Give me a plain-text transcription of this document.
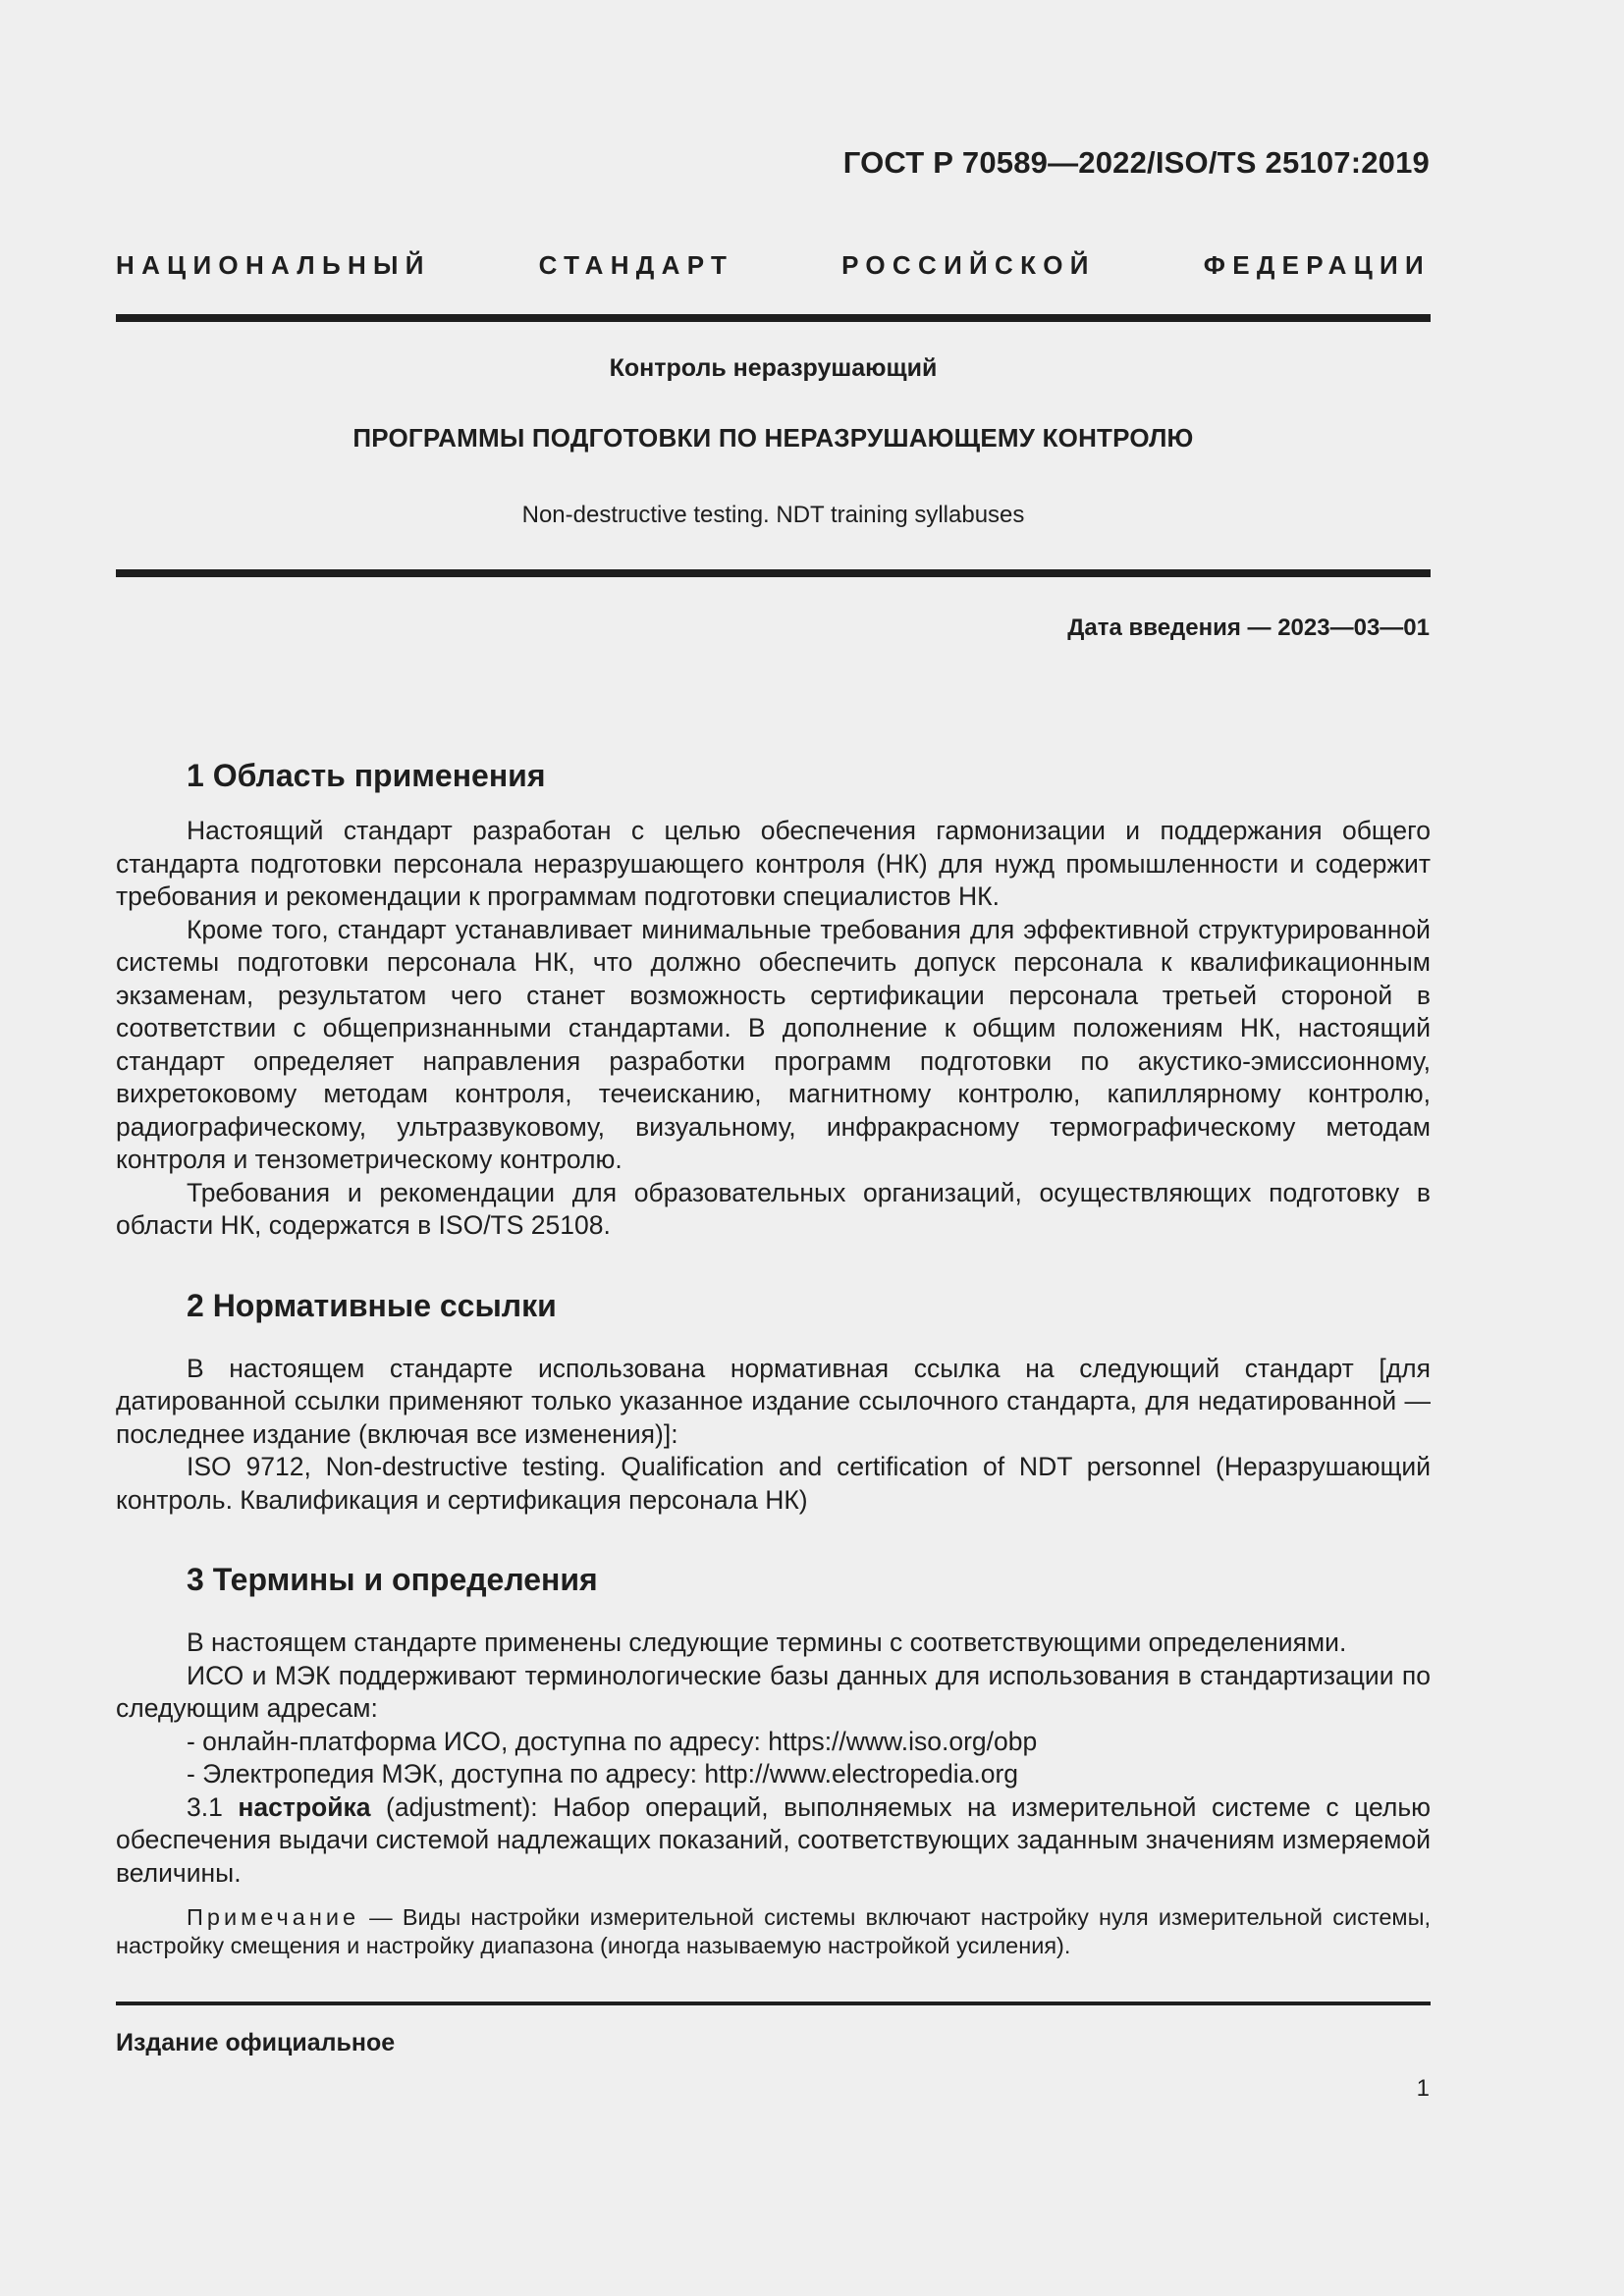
ГОСТ Р 70589—2022/ISO/TS 25107:2019
НАЦИОНАЛЬНЫЙ СТАНДАРТ РОССИЙСКОЙ ФЕДЕРАЦИИ
Контроль неразрушающий
ПРОГРАММЫ ПОДГОТОВКИ ПО НЕРАЗРУШАЮЩЕМУ КОНТРОЛЮ
Non-destructive testing. NDT training syllabuses
Дата введения — 2023—03—01
1 Область применения

Настоящий стандарт разработан с целью обеспечения гармонизации и поддержания общего стандарта подготовки персонала неразрушающего контроля (НК) для нужд промышленности и содержит требования и рекомендации к программам подготовки специалистов НК.

Кроме того, стандарт устанавливает минимальные требования для эффективной структурированной системы подготовки персонала НК, что должно обеспечить допуск персонала к квалификационным экзаменам, результатом чего станет возможность сертификации персонала третьей стороной в соответствии с общепризнанными стандартами. В дополнение к общим положениям НК, настоящий стандарт определяет направления разработки программ подготовки по акустико-эмиссионному, вихретоковому методам контроля, течеисканию, магнитному контролю, капиллярному контролю, радиографическому, ультразвуковому, визуальному, инфракрасному термографическому методам контроля и тензометрическому контролю.

Требования и рекомендации для образовательных организаций, осуществляющих подготовку в области НК, содержатся в ISO/TS 25108.

2 Нормативные ссылки

В настоящем стандарте использована нормативная ссылка на следующий стандарт [для датированной ссылки применяют только указанное издание ссылочного стандарта, для недатированной — последнее издание (включая все изменения)]:

ISO 9712, Non-destructive testing. Qualification and certification of NDT personnel (Неразрушающий контроль. Квалификация и сертификация персонала НК)

3 Термины и определения

В настоящем стандарте применены следующие термины с соответствующими определениями.

ИСО и МЭК поддерживают терминологические базы данных для использования в стандартизации по следующим адресам:

- онлайн-платформа ИСО, доступна по адресу: https://www.iso.org/obp

- Электропедия МЭК, доступна по адресу: http://www.electropedia.org

3.1 настройка (adjustment): Набор операций, выполняемых на измерительной системе с целью обеспечения выдачи системой надлежащих показаний, соответствующих заданным значениям измеряемой величины.

Примечание — Виды настройки измерительной системы включают настройку нуля измерительной системы, настройку смещения и настройку диапазона (иногда называемую настройкой усиления).

Издание официальное
1
